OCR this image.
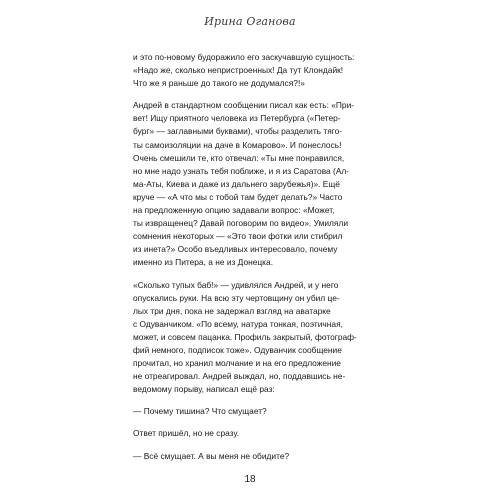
Ирина Оганова

и это по-новому будоражило его заскучавшую сущность:
«Надо же, сколько непристроенных! Да тут Клондайк!
Что же я раньше до такого не додумался?!»

Андрей в стандартном сообщении писал как есть: «При-
вет! Ищу приятного человека из Петербурга («Петер-
бург» — заглавными буквами), чтобы разделить тяго-
ты самоизоляции на даче в Комарово». И понеслось!
Очень смешили те, кто отвечал: «Ты мне понравился,
но мне надо узнать тебя поближе, и я из Саратова (Ал-
ма-Аты, Киева и даже из дальнего зарубежья)». Ещё
круче — «А что мы с тобой там будет делать?» Часто
на предложенную опцию задавали вопрос: «Может,
ты извращенец? Давай поговорим по видео». Умиляли
сомнения некоторых — «Это твои фотки или стибрил
из инета?» Особо въедливых интересовало, почему
именно из Питера, а не из Донецка.

«Сколько тупых баб!» — удивлялся Андрей, и у него
опускались руки. На всю эту чертовщину он убил це-
лых три дня, пока не задержал взгляд на аватарке
с Одуванчиком. «По всему, натура тонкая, поэтичная,
может, и совсем пацанка. Профиль закрытый, фотограф-
фий немного, подписок тоже». Одуванчик сообщение
прочитал, но хранил молчание и на его предложение
не отреагировал. Андрей выждал, но, поддавшись не-
ведомому порыву, написал ещё раз:

— Почему тишина? Что смущает?

Ответ пришёл, но не сразу.

— Всё смущает. А вы меня не обидите?

18
